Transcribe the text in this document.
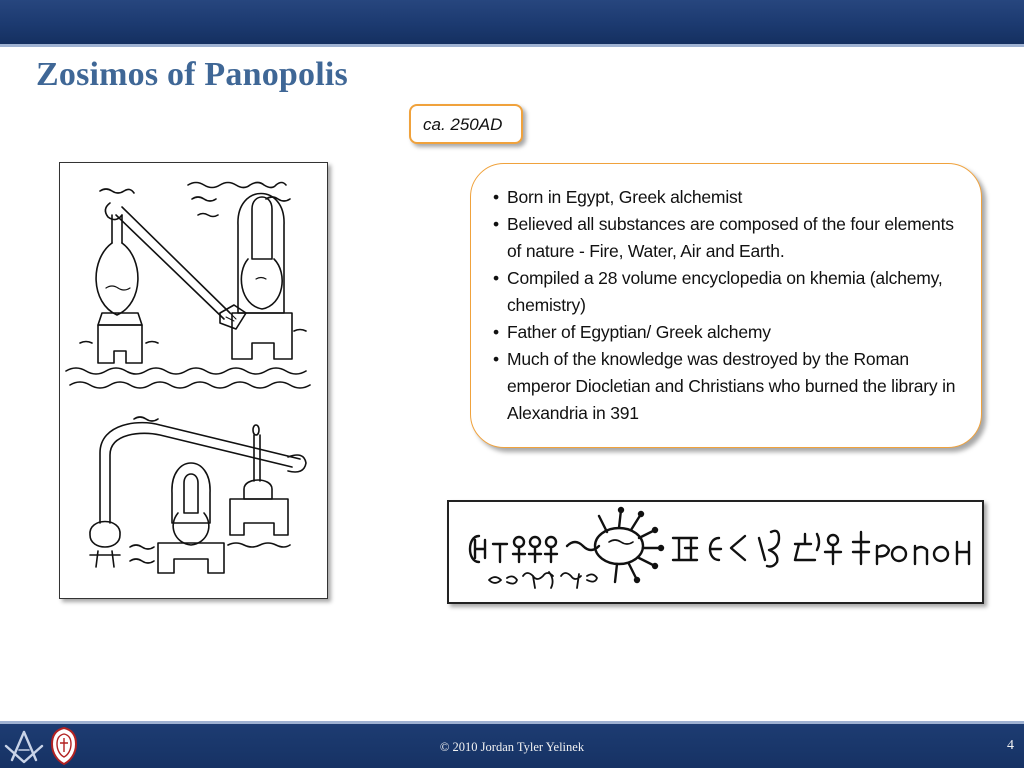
Zosimos of Panopolis
ca. 250AD
• Born in Egypt, Greek alchemist
• Believed all substances are composed of the four elements of nature - Fire, Water, Air and Earth.
• Compiled a 28 volume encyclopedia on khemia (alchemy, chemistry)
• Father of Egyptian/ Greek alchemy
• Much of the knowledge was destroyed by the Roman emperor Diocletian and Christians who burned the library in Alexandria in 391
© 2010 Jordan Tyler Yelinek	4
